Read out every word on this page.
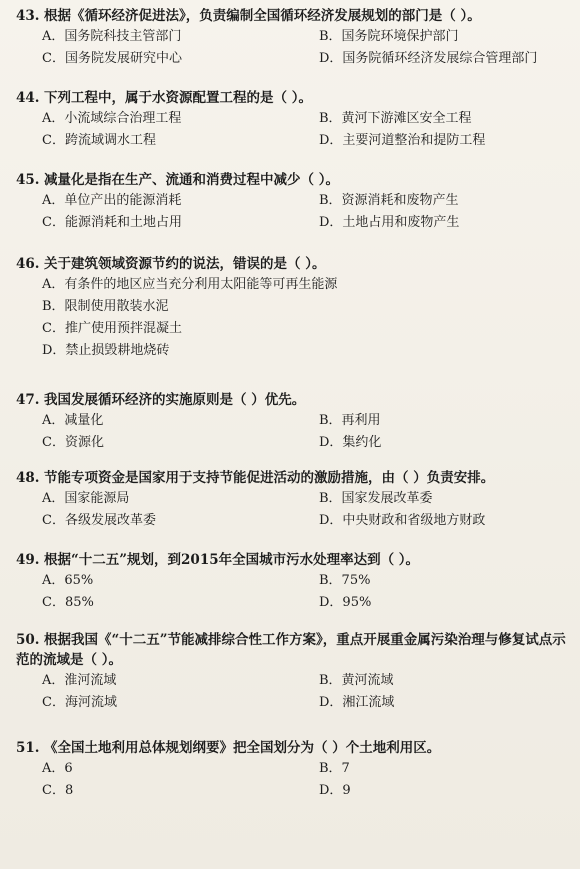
43. 根据《循环经济促进法》，负责编制全国循环经济发展规划的部门是（ ）。
A．国务院科技主管部门	B．国务院环境保护部门
C．国务院发展研究中心	D．国务院循环经济发展综合管理部门
44. 下列工程中，属于水资源配置工程的是（ ）。
A．小流域综合治理工程	B．黄河下游滩区安全工程
C．跨流域调水工程	D．主要河道整治和提防工程
45. 减量化是指在生产、流通和消费过程中减少（ ）。
A．单位产出的能源消耗	B．资源消耗和废物产生
C．能源消耗和土地占用	D．土地占用和废物产生
46. 关于建筑领域资源节约的说法，错误的是（ ）。
A．有条件的地区应当充分利用太阳能等可再生能源
B．限制使用散装水泥
C．推广使用预拌混凝土
D．禁止损毁耕地烧砖
47. 我国发展循环经济的实施原则是（ ）优先。
A．减量化	B．再利用
C．资源化	D．集约化
48. 节能专项资金是国家用于支持节能促进活动的激励措施，由（ ）负责安排。
A．国家能源局	B．国家发展改革委
C．各级发展改革委	D．中央财政和省级地方财政
49. 根据“十二五”规划，到2015年全国城市污水处理率达到（ ）。
A．65%	B．75%
C．85%	D．95%
50. 根据我国《“十二五”节能减排综合性工作方案》，重点开展重金属污染治理与修复试点示范的流域是（ ）。
A．淮河流域	B．黄河流域
C．海河流域	D．湘江流域
51. 《全国土地利用总体规划纲要》把全国划分为（ ）个土地利用区。
A．6	B．7
C．8	D．9
